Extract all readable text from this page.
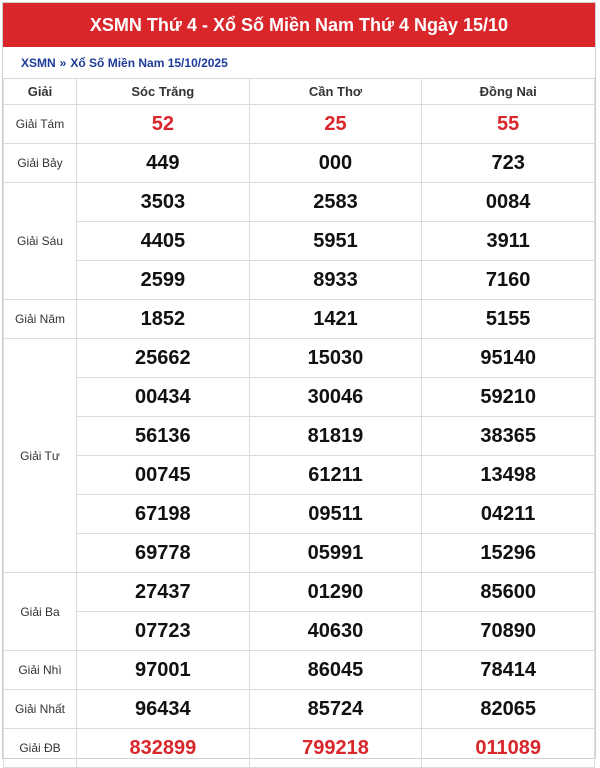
XSMN Thứ 4 - Xổ Số Miền Nam Thứ 4 Ngày 15/10
XSMN » Xổ Số Miền Nam 15/10/2025
Giải	Sóc Trăng	Cần Thơ	Đồng Nai
Giải Tám	52	25	55
Giải Bảy	449	000	723
Giải Sáu	3503	2583	0084
	4405	5951	3911
	2599	8933	7160
Giải Năm	1852	1421	5155
Giải Tư	25662	15030	95140
	00434	30046	59210
	56136	81819	38365
	00745	61211	13498
	67198	09511	04211
	69778	05991	15296
Giải Ba	27437	01290	85600
	07723	40630	70890
Giải Nhì	97001	86045	78414
Giải Nhất	96434	85724	82065
Giải ĐB	832899	799218	011089
